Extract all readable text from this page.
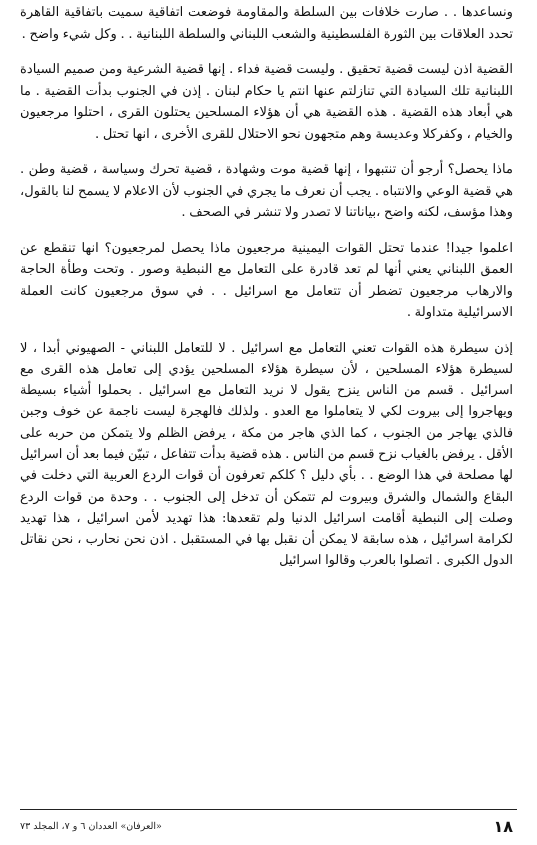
ونساعدها . . صارت خلافات بين السلطة والمقاومة فوضعت اتفاقية سميت باتفاقية القاهرة تحدد العلاقات بين الثورة الفلسطينية والشعب اللبناني والسلطة اللبنانية . . وكل شيء واضح .

القضية اذن ليست قضية تحقيق . وليست قضية فداء . إنها قضية الشرعية ومن صميم السيادة اللبنانية تلك السيادة التي تنازلتم عنها انتم يا حكام لبنان . إذن في الجنوب بدأت القضية . ما هي أبعاد هذه القضية . هذه القضية هي أن هؤلاء المسلحين يحتلون القرى ، احتلوا مرجعيون والخيام ، وكفركلا وعديسة وهم متجهون نحو الاحتلال للقرى الأخرى ، انها تحتل .

ماذا يحصل؟ أرجو أن تنتبهوا ، إنها قضية موت وشهادة ، قضية تحرك وسياسة ، قضية وطن . هي قضية الوعي والانتباه . يجب أن نعرف ما يجري في الجنوب لأن الاعلام لا يسمح لنا بالقول، وهذا مؤسف، لكنه واضح ،بياناتنا لا تصدر ولا تنشر في الصحف .

اعلموا جيدا! عندما تحتل القوات اليمينية مرجعيون ماذا يحصل لمرجعيون؟ انها تنقطع عن العمق اللبناني يعني أنها لم تعد قادرة على التعامل مع النبطية وصور . وتحت وطأة الحاجة والارهاب مرجعيون تضطر أن تتعامل مع اسرائيل . . في سوق مرجعيون كانت العملة الاسرائيلية متداولة .

إذن سيطرة هذه القوات تعني التعامل مع اسرائيل . لا للتعامل اللبناني - الصهيوني أبدا ، لا لسيطرة هؤلاء المسلحين ، لأن سيطرة هؤلاء المسلحين يؤدي إلى تعامل هذه القرى مع اسرائيل . قسم من الناس ينزح يقول لا نريد التعامل مع اسرائيل . بحملوا أشياء بسيطة ويهاجروا إلى بيروت لكي لا يتعاملوا مع العدو . ولذلك فالهجرة ليست ناجمة عن خوف وجبن فالذي يهاجر من الجنوب ، كما الذي هاجر من مكة ، يرفض الظلم ولا يتمكن من حربه على الأقل . يرفض بالغياب نزح قسم من الناس . هذه قضية بدأت تتفاعل ، تبيّن فيما بعد أن اسرائيل لها مصلحة في هذا الوضع . . بأي دليل ؟ كلكم تعرفون أن قوات الردع العربية التي دخلت في البقاع والشمال والشرق وبيروت لم تتمكن أن تدخل إلى الجنوب . . وحدة من قوات الردع وصلت إلى النبطية أقامت اسرائيل الدنيا ولم تقعدها: هذا تهديد لأمن اسرائيل ، هذا تهديد لكرامة اسرائيل ، هذه سابقة لا يمكن أن نقبل بها في المستقبل . اذن نحن نحارب ، نحن نقاتل الدول الكبرى . اتصلوا بالعرب وقالوا اسرائيل

١٨
«العرفان» العددان ٦ و ٧، المجلد ٧٣
